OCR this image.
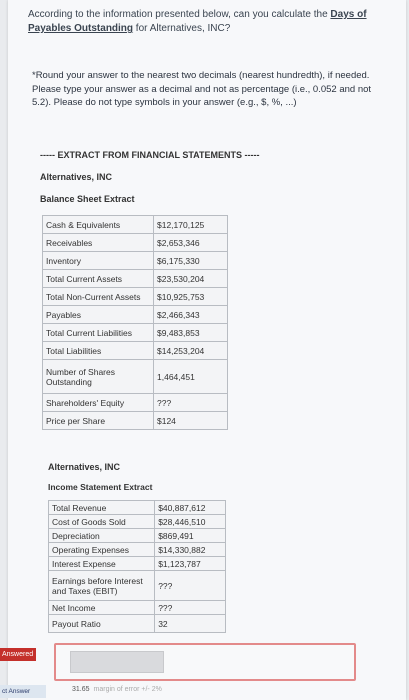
According to the information presented below, can you calculate the Days of Payables Outstanding for Alternatives, INC?
*Round your answer to the nearest two decimals (nearest hundredth), if needed. Please type your answer as a decimal and not as percentage (i.e., 0.052 and not 5.2). Please do not type symbols in your answer (e.g., $, %, ...)
----- EXTRACT FROM FINANCIAL STATEMENTS -----
Alternatives, INC
Balance Sheet Extract
Cash & Equivalents	$12,170,125
Receivables	$2,653,346
Inventory	$6,175,330
Total Current Assets	$23,530,204
Total Non-Current Assets	$10,925,753
Payables	$2,466,343
Total Current Liabilities	$9,483,853
Total Liabilities	$14,253,204
Number of Shares Outstanding	1,464,451
Shareholders' Equity	???
Price per Share	$124
Alternatives, INC
Income Statement Extract
Total Revenue	$40,887,612
Cost of Goods Sold	$28,446,510
Depreciation	$869,491
Operating Expenses	$14,330,882
Interest Expense	$1,123,787
Earnings before Interest and Taxes (EBIT)	???
Net Income	???
Payout Ratio	32
31.65 margin of error +/- 2%
Answered
ct Answer
